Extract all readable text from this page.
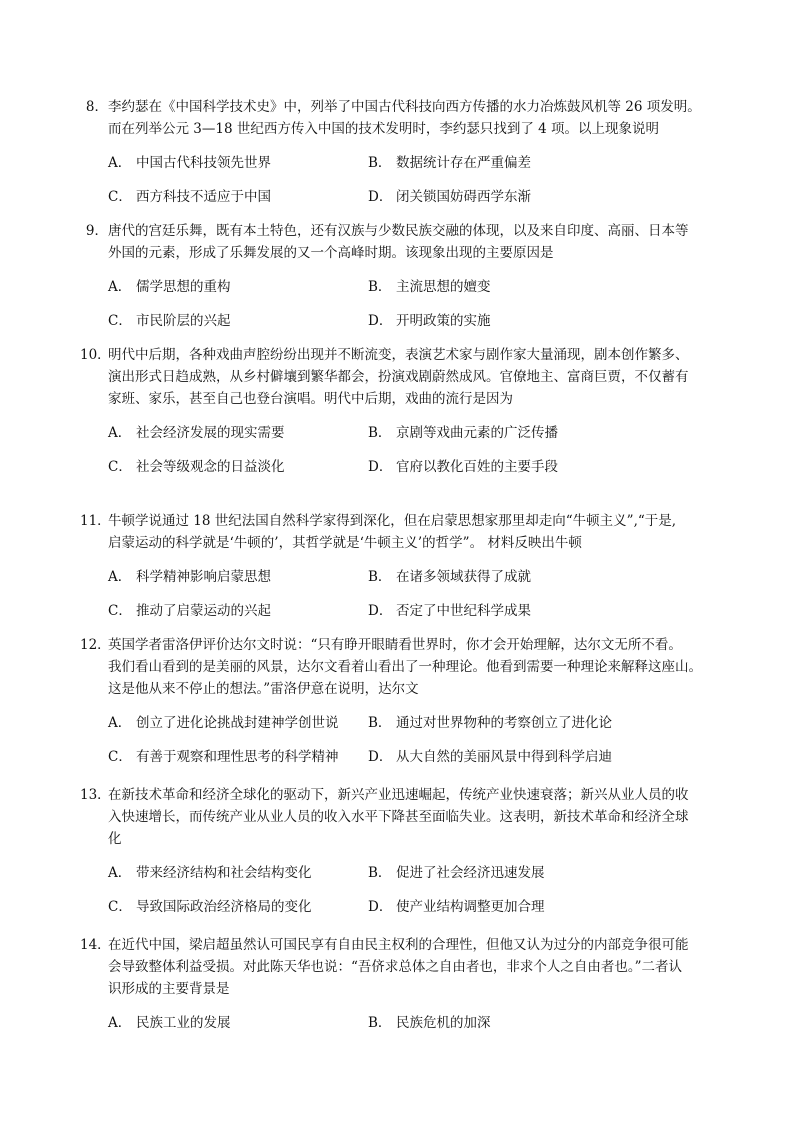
8．李约瑟在《中国科学技术史》中，列举了中国古代科技向西方传播的水力冶炼鼓风机等 26 项发明。
而在列举公元 3—18 世纪西方传入中国的技术发明时，李约瑟只找到了 4 项。以上现象说明
A． 中国古代科技领先世界	B． 数据统计存在严重偏差
C． 西方科技不适应于中国	D． 闭关锁国妨碍西学东渐
9．唐代的宫廷乐舞，既有本土特色，还有汉族与少数民族交融的体现，以及来自印度、高丽、日本等
外国的元素，形成了乐舞发展的又一个高峰时期。该现象出现的主要原因是
A． 儒学思想的重构	B． 主流思想的嬗变
C． 市民阶层的兴起	D． 开明政策的实施
10．明代中后期，各种戏曲声腔纷纷出现并不断流变，表演艺术家与剧作家大量涌现，剧本创作繁多、
演出形式日趋成熟，从乡村僻壤到繁华都会，扮演戏剧蔚然成风。官僚地主、富商巨贾，不仅蓄有
家班、家乐，甚至自己也登台演唱。明代中后期，戏曲的流行是因为
A． 社会经济发展的现实需要	B． 京剧等戏曲元素的广泛传播
C． 社会等级观念的日益淡化	D． 官府以教化百姓的主要手段
11．牛顿学说通过 18 世纪法国自然科学家得到深化，但在启蒙思想家那里却走向“牛顿主义”,“于是,
启蒙运动的科学就是‘牛顿的’，其哲学就是‘牛顿主义’的哲学”。 材料反映出牛顿
A． 科学精神影响启蒙思想	B． 在诸多领域获得了成就
C． 推动了启蒙运动的兴起	D． 否定了中世纪科学成果
12．英国学者雷洛伊评价达尔文时说：“只有睁开眼睛看世界时，你才会开始理解，达尔文无所不看。
我们看山看到的是美丽的风景，达尔文看着山看出了一种理论。他看到需要一种理论来解释这座山。
这是他从来不停止的想法。”雷洛伊意在说明，达尔文
A． 创立了进化论挑战封建神学创世说	B． 通过对世界物种的考察创立了进化论
C． 有善于观察和理性思考的科学精神	D． 从大自然的美丽风景中得到科学启迪
13．在新技术革命和经济全球化的驱动下，新兴产业迅速崛起，传统产业快速衰落；新兴从业人员的收
入快速增长，而传统产业从业人员的收入水平下降甚至面临失业。这表明，新技术革命和经济全球
化
A． 带来经济结构和社会结构变化	B． 促进了社会经济迅速发展
C． 导致国际政治经济格局的变化	D． 使产业结构调整更加合理
14．在近代中国，梁启超虽然认可国民享有自由民主权利的合理性，但他又认为过分的内部竞争很可能
会导致整体利益受损。对此陈天华也说：“吾侪求总体之自由者也，非求个人之自由者也。”二者认
识形成的主要背景是
A． 民族工业的发展	B． 民族危机的加深
